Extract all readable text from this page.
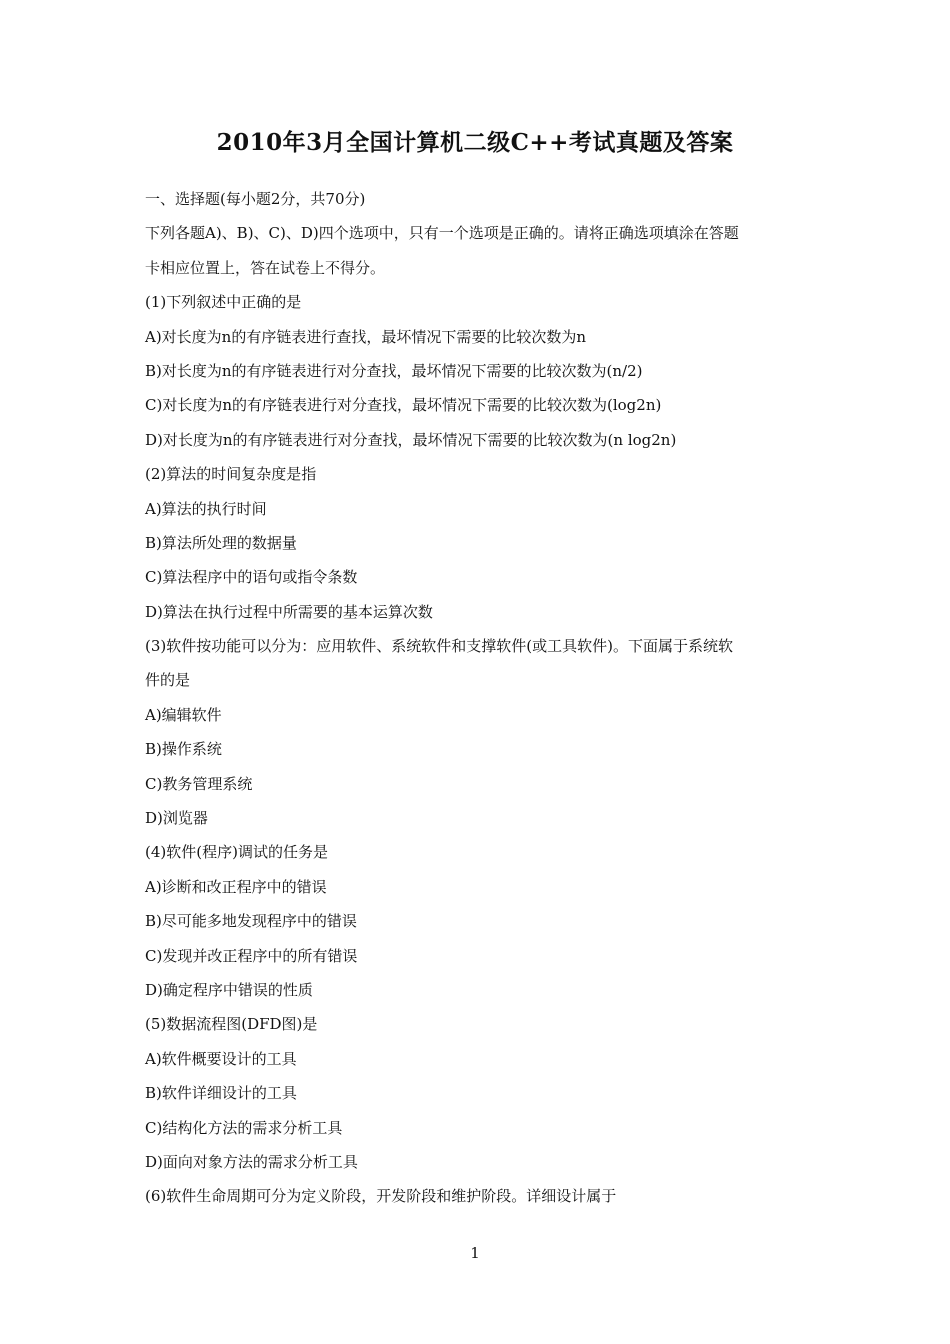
2010年3月全国计算机二级C++考试真题及答案
一、选择题(每小题2分，共70分)
下列各题A)、B)、C)、D)四个选项中，只有一个选项是正确的。请将正确选项填涂在答题
卡相应位置上，答在试卷上不得分。
(1)下列叙述中正确的是
A)对长度为n的有序链表进行查找，最坏情况下需要的比较次数为n
B)对长度为n的有序链表进行对分查找，最坏情况下需要的比较次数为(n/2)
C)对长度为n的有序链表进行对分查找，最坏情况下需要的比较次数为(log2n)
D)对长度为n的有序链表进行对分查找，最坏情况下需要的比较次数为(n log2n)
(2)算法的时间复杂度是指
A)算法的执行时间
B)算法所处理的数据量
C)算法程序中的语句或指令条数
D)算法在执行过程中所需要的基本运算次数
(3)软件按功能可以分为：应用软件、系统软件和支撑软件(或工具软件)。下面属于系统软
件的是
A)编辑软件
B)操作系统
C)教务管理系统
D)浏览器
(4)软件(程序)调试的任务是
A)诊断和改正程序中的错误
B)尽可能多地发现程序中的错误
C)发现并改正程序中的所有错误
D)确定程序中错误的性质
(5)数据流程图(DFD图)是
A)软件概要设计的工具
B)软件详细设计的工具
C)结构化方法的需求分析工具
D)面向对象方法的需求分析工具
(6)软件生命周期可分为定义阶段，开发阶段和维护阶段。详细设计属于
1
